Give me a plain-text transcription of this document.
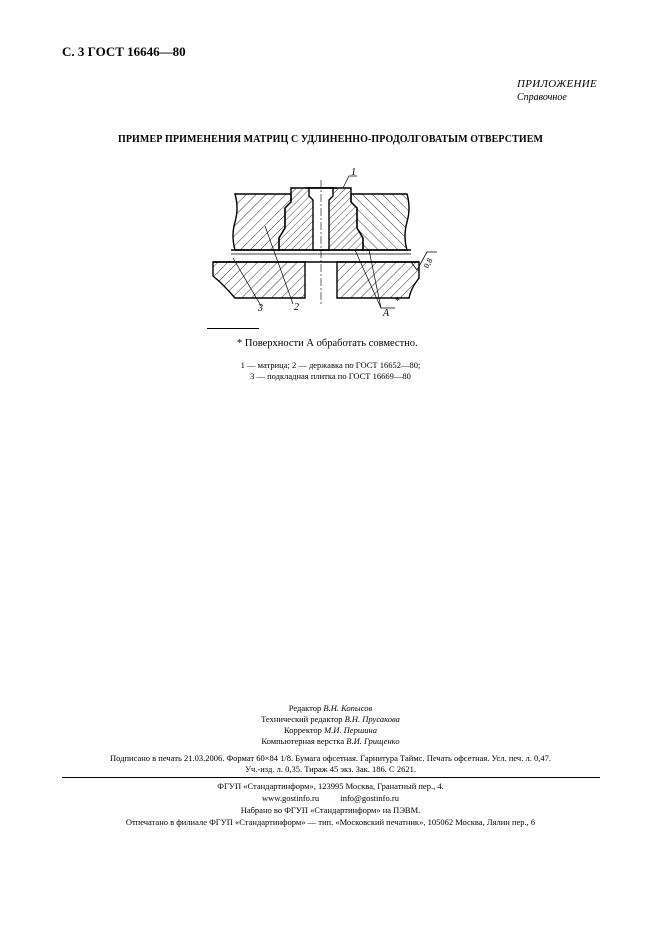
С. 3 ГОСТ 16646—80
ПРИЛОЖЕНИЕ
Справочное
ПРИМЕР ПРИМЕНЕНИЯ МАТРИЦ С УДЛИНЕННО-ПРОДОЛГОВАТЫМ ОТВЕРСТИЕМ
1
2
3	А
*
0,8
* Поверхности А обработать совместно.
1 — матрица; 2 — державка по ГОСТ 16652—80;
3 — подкладная плитка по ГОСТ 16669—80
Редактор В.Н. Копысов
Технический редактор В.Н. Прусакова
Корректор М.И. Першина
Компьютерная верстка В.И. Грищенко
Подписано в печать 21.03.2006. Формат 60×84 1/8. Бумага офсетная. Гарнитура Таймс. Печать офсетная. Усл. печ. л. 0,47.
Уч.-изд. л. 0,35. Тираж 45 экз. Зак. 186. С 2621.
ФГУП «Стандартинформ», 123995 Москва, Гранатный пер., 4.
www.gostinfo.ru	info@gostinfo.ru
Набрано во ФГУП «Стандартинформ» на ПЭВМ.
Отпечатано в филиале ФГУП «Стандартинформ» — тип. «Московский печатник», 105062 Москва, Лялин пер., 6
